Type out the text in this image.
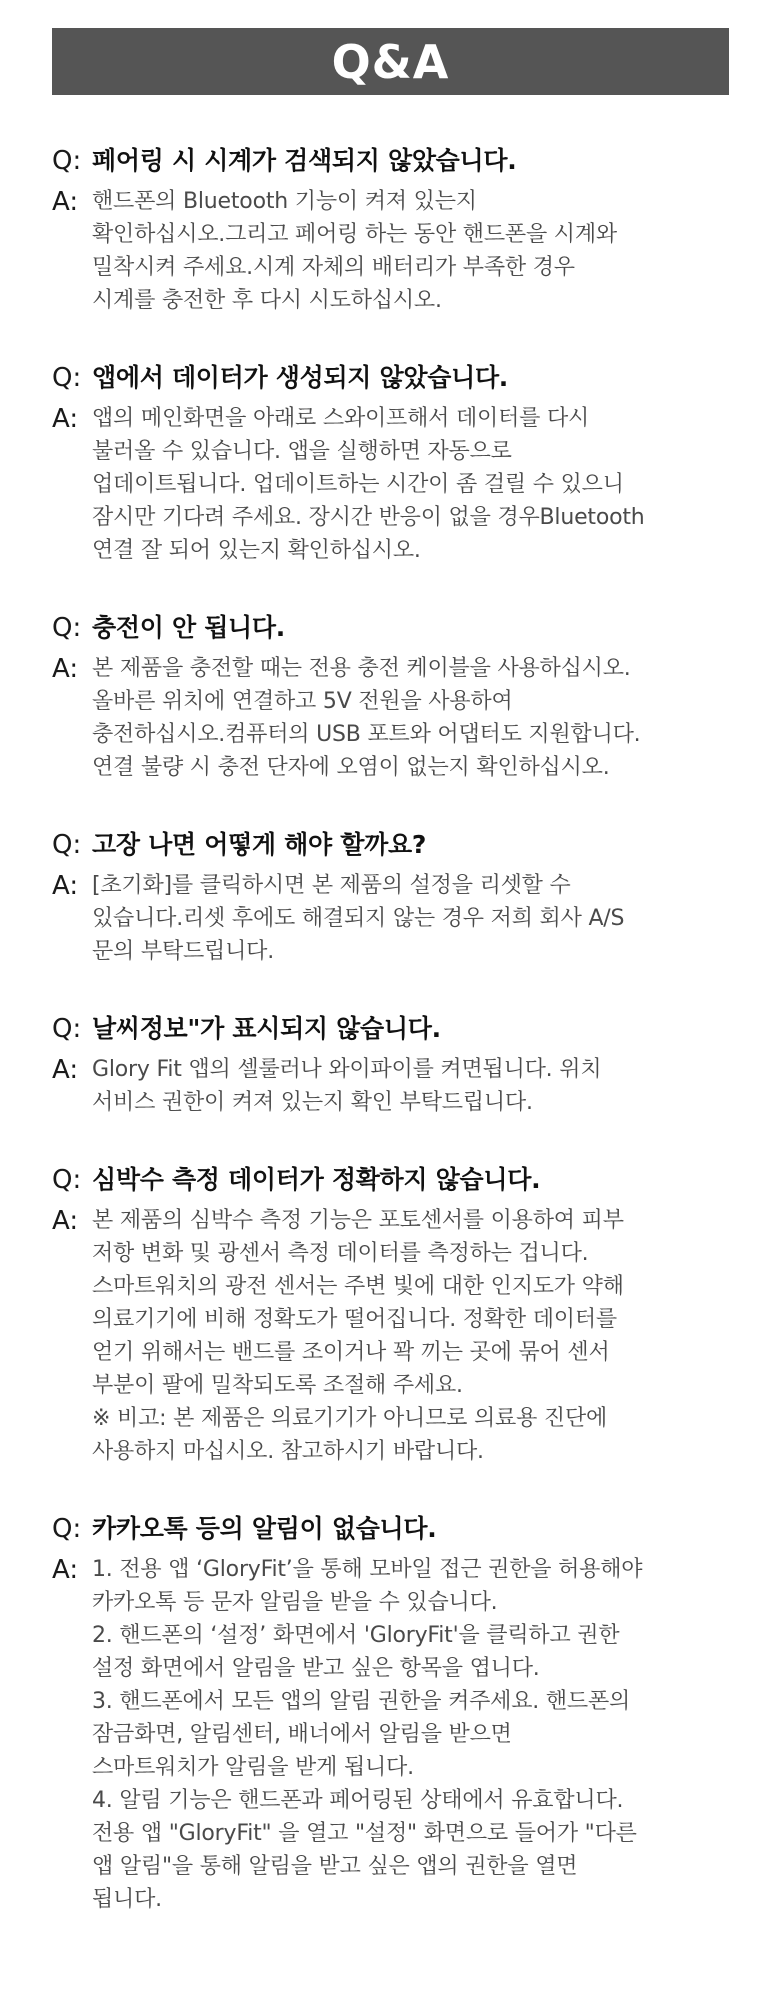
Q&A
Q: 페어링 시 시계가 검색되지 않았습니다.
A: 핸드폰의 Bluetooth 기능이 켜져 있는지
확인하십시오.그리고 페어링 하는 동안 핸드폰을 시계와
밀착시켜 주세요.시계 자체의 배터리가 부족한 경우
시계를 충전한 후 다시 시도하십시오.
Q: 앱에서 데이터가 생성되지 않았습니다.
A: 앱의 메인화면을 아래로 스와이프해서 데이터를 다시
불러올 수 있습니다. 앱을 실행하면 자동으로
업데이트됩니다. 업데이트하는 시간이 좀 걸릴 수 있으니
잠시만 기다려 주세요. 장시간 반응이 없을 경우Bluetooth
연결 잘 되어 있는지 확인하십시오.
Q: 충전이 안 됩니다.
A: 본 제품을 충전할 때는 전용 충전 케이블을 사용하십시오.
올바른 위치에 연결하고 5V 전원을 사용하여
충전하십시오.컴퓨터의 USB 포트와 어댑터도 지원합니다.
연결 불량 시 충전 단자에 오염이 없는지 확인하십시오.
Q: 고장 나면 어떻게 해야 할까요?
A: [초기화]를 클릭하시면 본 제품의 설정을 리셋할 수
있습니다.리셋 후에도 해결되지 않는 경우 저희 회사 A/S
문의 부탁드립니다.
Q: 날씨정보"가 표시되지 않습니다.
A: Glory Fit 앱의 셀룰러나 와이파이를 켜면됩니다. 위치
서비스 권한이 켜져 있는지 확인 부탁드립니다.
Q: 심박수 측정 데이터가 정확하지 않습니다.
A: 본 제품의 심박수 측정 기능은 포토센서를 이용하여 피부
저항 변화 및 광센서 측정 데이터를 측정하는 겁니다.
스마트워치의 광전 센서는 주변 빛에 대한 인지도가 약해
의료기기에 비해 정확도가 떨어집니다. 정확한 데이터를
얻기 위해서는 밴드를 조이거나 꽉 끼는 곳에 묶어 센서
부분이 팔에 밀착되도록 조절해 주세요.
※ 비고: 본 제품은 의료기기가 아니므로 의료용 진단에
사용하지 마십시오. 참고하시기 바랍니다.
Q: 카카오톡 등의 알림이 없습니다.
A: 1. 전용 앱 ‘GloryFit’을 통해 모바일 접근 권한을 허용해야
카카오톡 등 문자 알림을 받을 수 있습니다.
2. 핸드폰의 ‘설정’ 화면에서 'GloryFit'을 클릭하고 권한
설정 화면에서 알림을 받고 싶은 항목을 엽니다.
3. 핸드폰에서 모든 앱의 알림 권한을 켜주세요. 핸드폰의
잠금화면, 알림센터, 배너에서 알림을 받으면
스마트워치가 알림을 받게 됩니다.
4. 알림 기능은 핸드폰과 페어링된 상태에서 유효합니다.
전용 앱 "GloryFit" 을 열고 "설정" 화면으로 들어가 "다른
앱 알림"을 통해 알림을 받고 싶은 앱의 권한을 열면
됩니다.
